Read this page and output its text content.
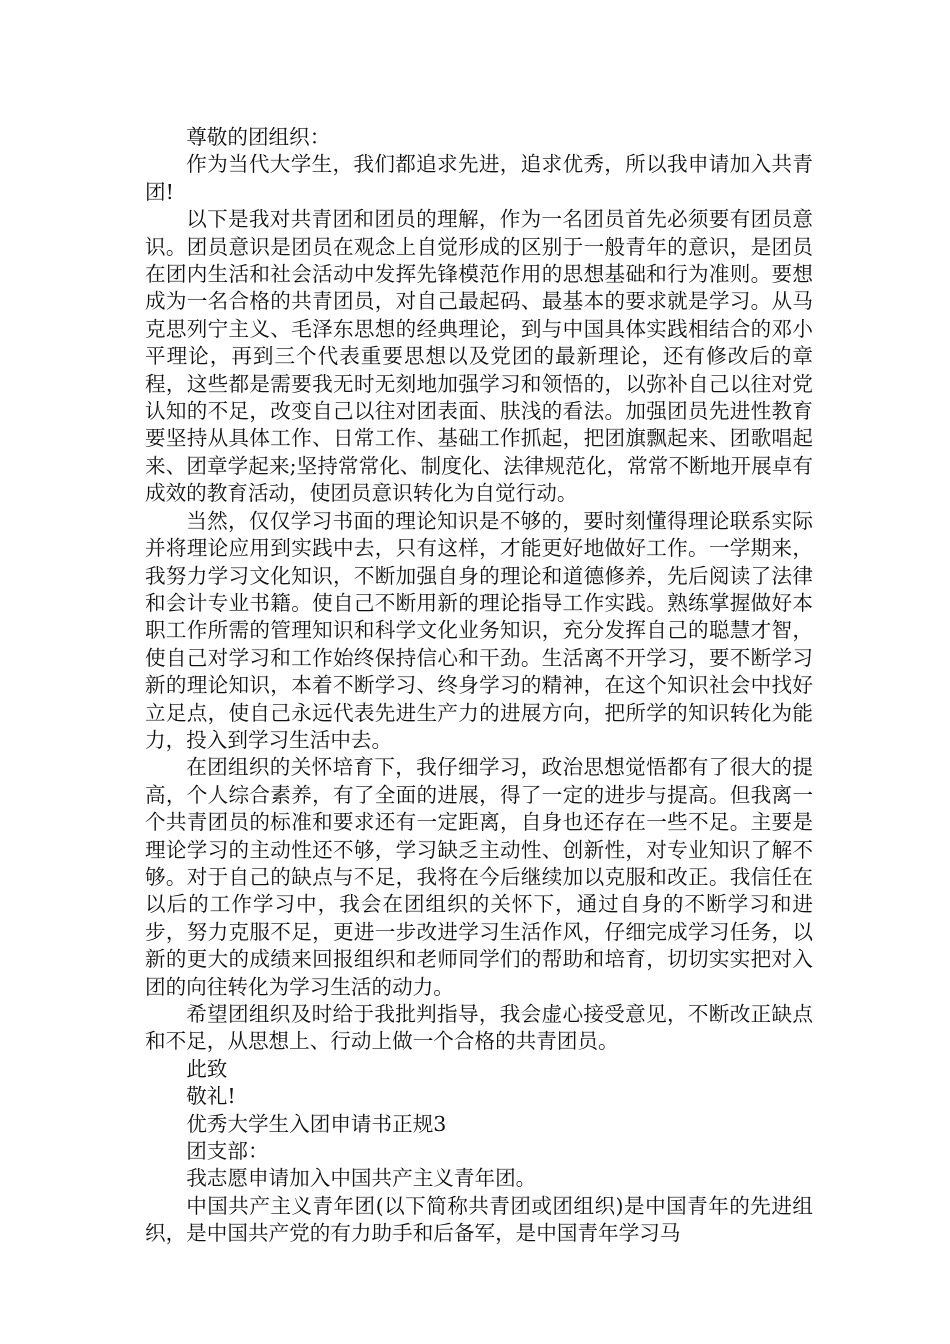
尊敬的团组织：

作为当代大学生，我们都追求先进，追求优秀，所以我申请加入共青团!

以下是我对共青团和团员的理解，作为一名团员首先必须要有团员意识。团员意识是团员在观念上自觉形成的区别于一般青年的意识，是团员在团内生活和社会活动中发挥先锋模范作用的思想基础和行为准则。要想成为一名合格的共青团员，对自己最起码、最基本的要求就是学习。从马克思列宁主义、毛泽东思想的经典理论，到与中国具体实践相结合的邓小平理论，再到三个代表重要思想以及党团的最新理论，还有修改后的章程，这些都是需要我无时无刻地加强学习和领悟的，以弥补自己以往对党认知的不足，改变自己以往对团表面、肤浅的看法。加强团员先进性教育要坚持从具体工作、日常工作、基础工作抓起，把团旗飘起来、团歌唱起来、团章学起来;坚持常常化、制度化、法律规范化，常常不断地开展卓有成效的教育活动，使团员意识转化为自觉行动。

当然，仅仅学习书面的理论知识是不够的，要时刻懂得理论联系实际并将理论应用到实践中去，只有这样，才能更好地做好工作。一学期来，我努力学习文化知识，不断加强自身的理论和道德修养，先后阅读了法律和会计专业书籍。使自己不断用新的理论指导工作实践。熟练掌握做好本职工作所需的管理知识和科学文化业务知识，充分发挥自己的聪慧才智，使自己对学习和工作始终保持信心和干劲。生活离不开学习，要不断学习新的理论知识，本着不断学习、终身学习的精神，在这个知识社会中找好立足点，使自己永远代表先进生产力的进展方向，把所学的知识转化为能力，投入到学习生活中去。

在团组织的关怀培育下，我仔细学习，政治思想觉悟都有了很大的提高，个人综合素养，有了全面的进展，得了一定的进步与提高。但我离一个共青团员的标准和要求还有一定距离，自身也还存在一些不足。主要是理论学习的主动性还不够，学习缺乏主动性、创新性，对专业知识了解不够。对于自己的缺点与不足，我将在今后继续加以克服和改正。我信任在以后的工作学习中，我会在团组织的关怀下，通过自身的不断学习和进步，努力克服不足，更进一步改进学习生活作风，仔细完成学习任务，以新的更大的成绩来回报组织和老师同学们的帮助和培育，切切实实把对入团的向往转化为学习生活的动力。

希望团组织及时给于我批判指导，我会虚心接受意见，不断改正缺点和不足，从思想上、行动上做一个合格的共青团员。

此致

敬礼!

优秀大学生入团申请书正规3

团支部：

我志愿申请加入中国共产主义青年团。

中国共产主义青年团(以下简称共青团或团组织)是中国青年的先进组织，是中国共产党的有力助手和后备军，是中国青年学习马
